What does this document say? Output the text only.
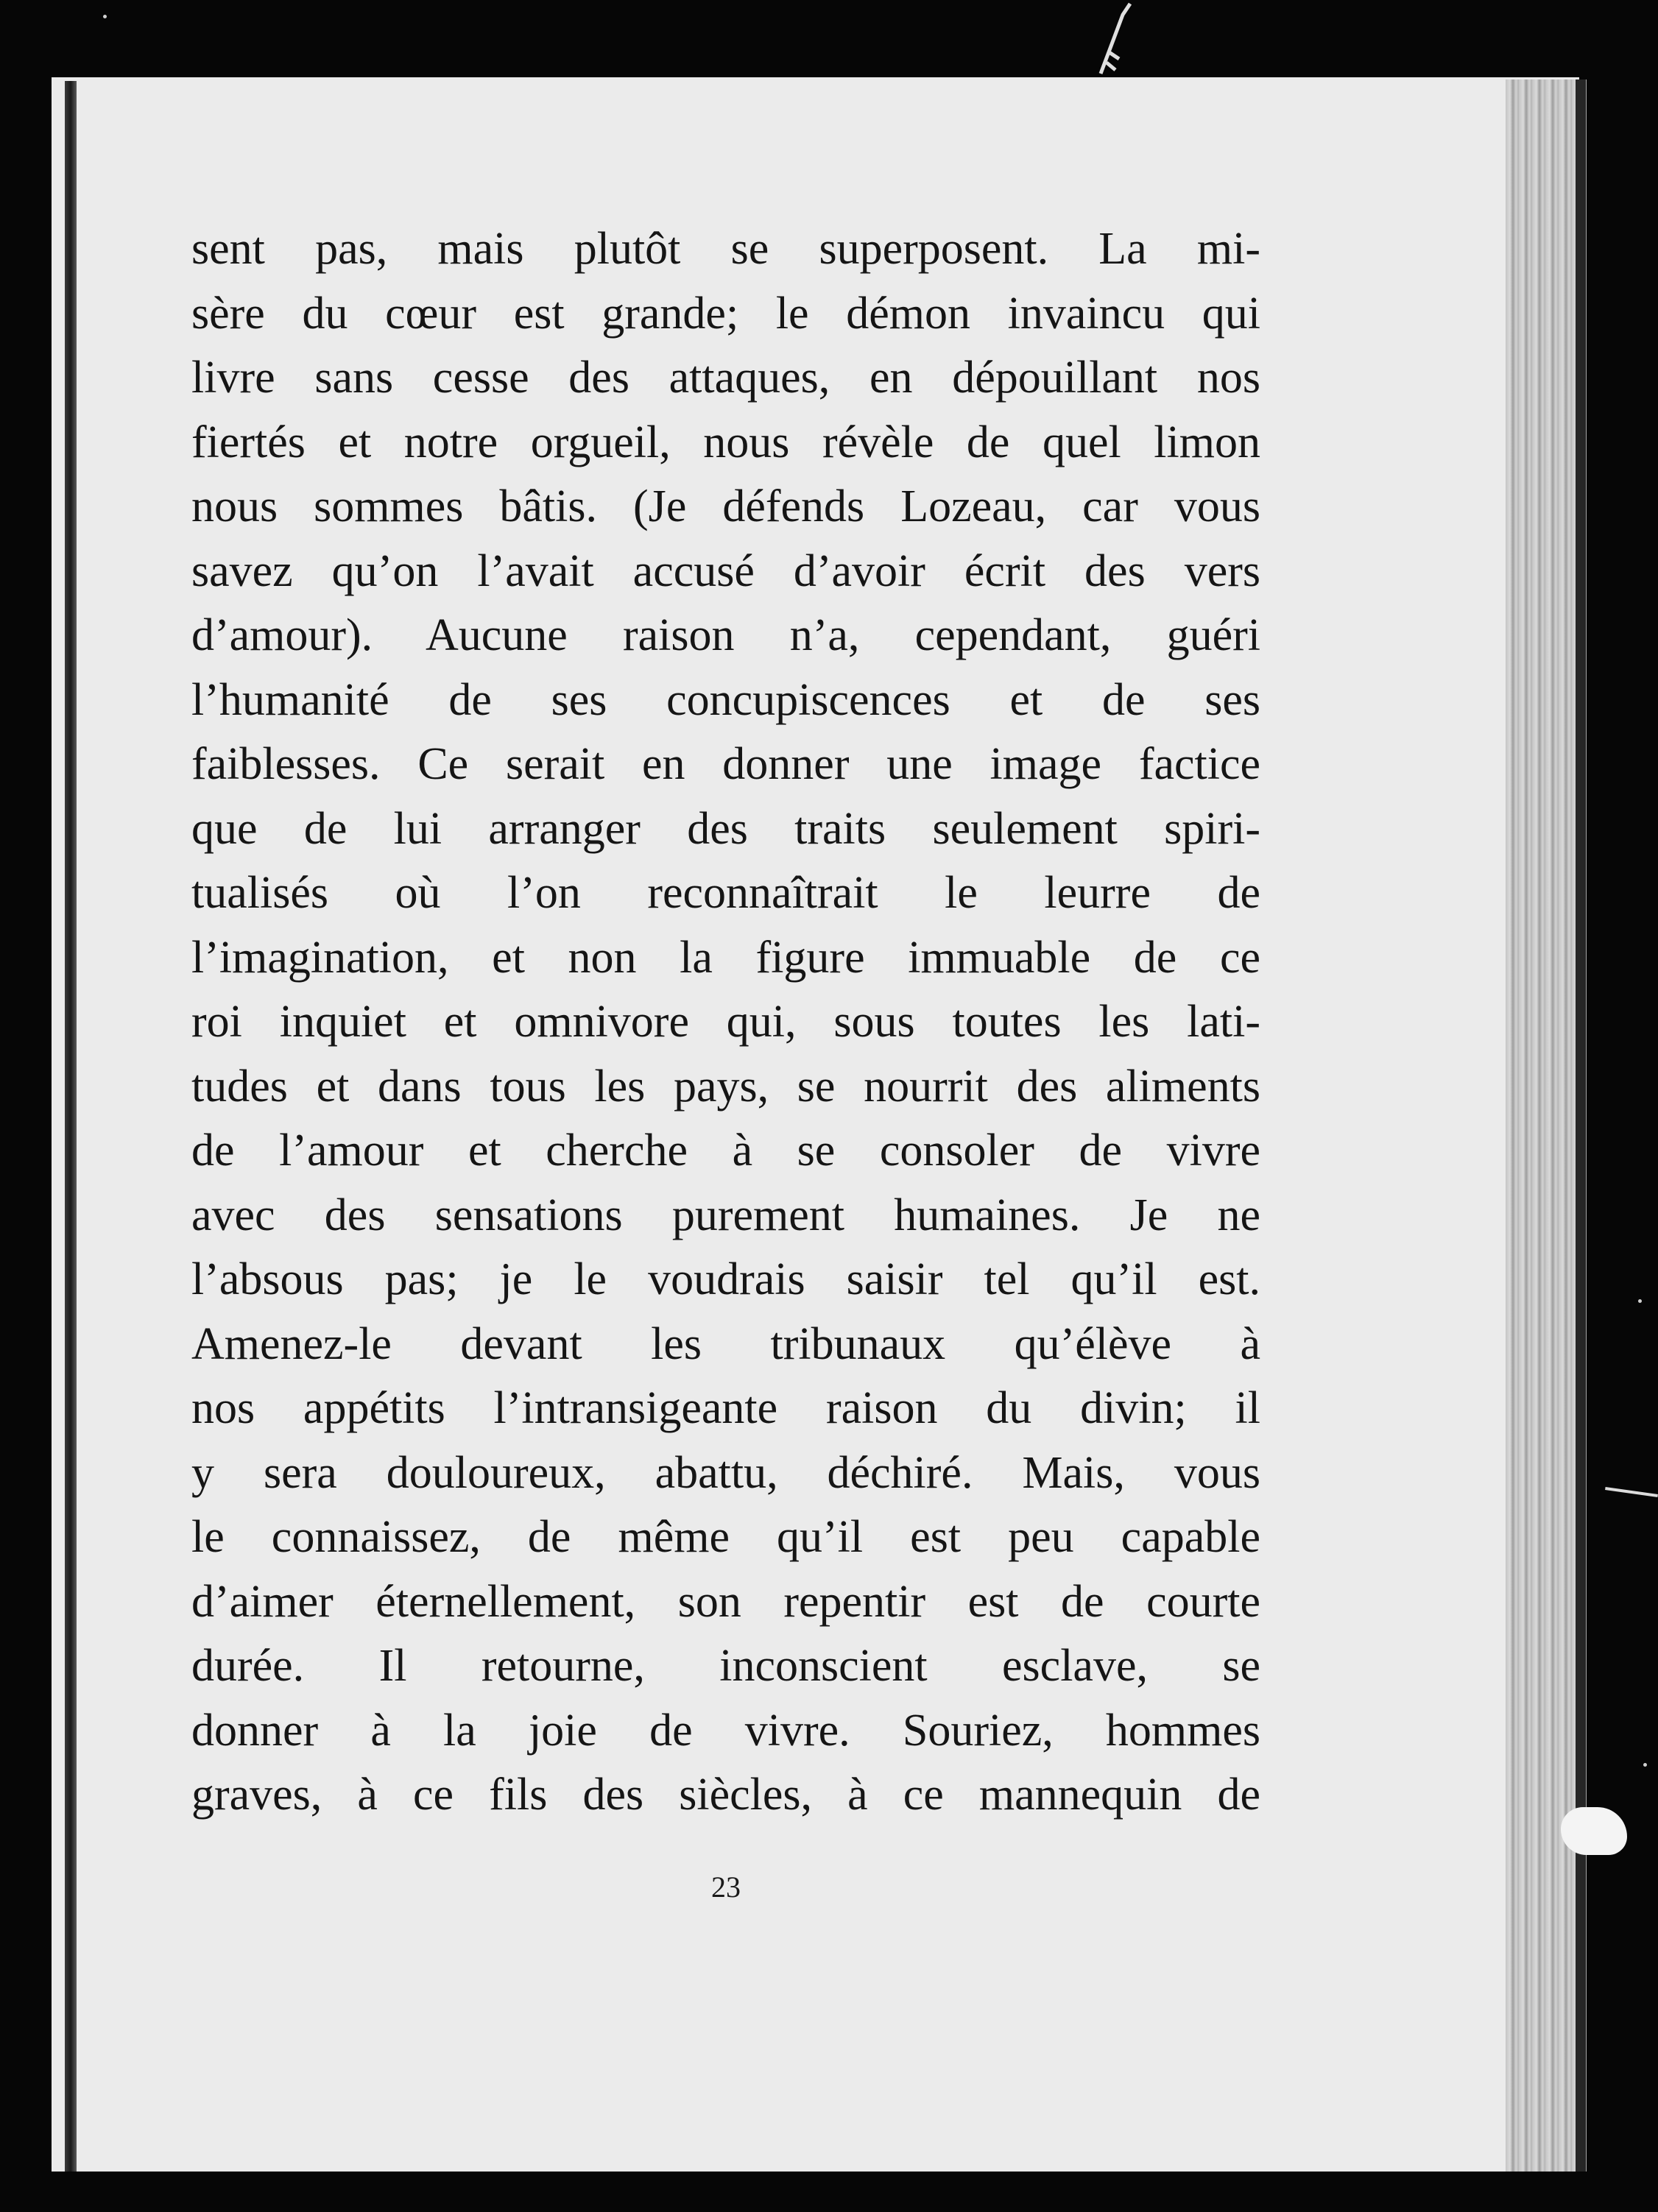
sent pas, mais plutôt se superposent. La mi-
sère du cœur est grande; le démon invaincu qui
livre sans cesse des attaques, en dépouillant nos
fiertés et notre orgueil, nous révèle de quel limon
nous sommes bâtis. (Je défends Lozeau, car vous
savez qu’on l’avait accusé d’avoir écrit des vers
d’amour). Aucune raison n’a, cependant, guéri
l’humanité de ses concupiscences et de ses
faiblesses. Ce serait en donner une image factice
que de lui arranger des traits seulement spiri-
tualisés où l’on reconnaîtrait le leurre de
l’imagination, et non la figure immuable de ce
roi inquiet et omnivore qui, sous toutes les lati-
tudes et dans tous les pays, se nourrit des aliments
de l’amour et cherche à se consoler de vivre
avec des sensations purement humaines. Je ne
l’absous pas; je le voudrais saisir tel qu’il est.
Amenez-le devant les tribunaux qu’élève à
nos appétits l’intransigeante raison du divin; il
y sera douloureux, abattu, déchiré. Mais, vous
le connaissez, de même qu’il est peu capable
d’aimer éternellement, son repentir est de courte
durée. Il retourne, inconscient esclave, se
donner à la joie de vivre. Souriez, hommes
graves, à ce fils des siècles, à ce mannequin de
23
